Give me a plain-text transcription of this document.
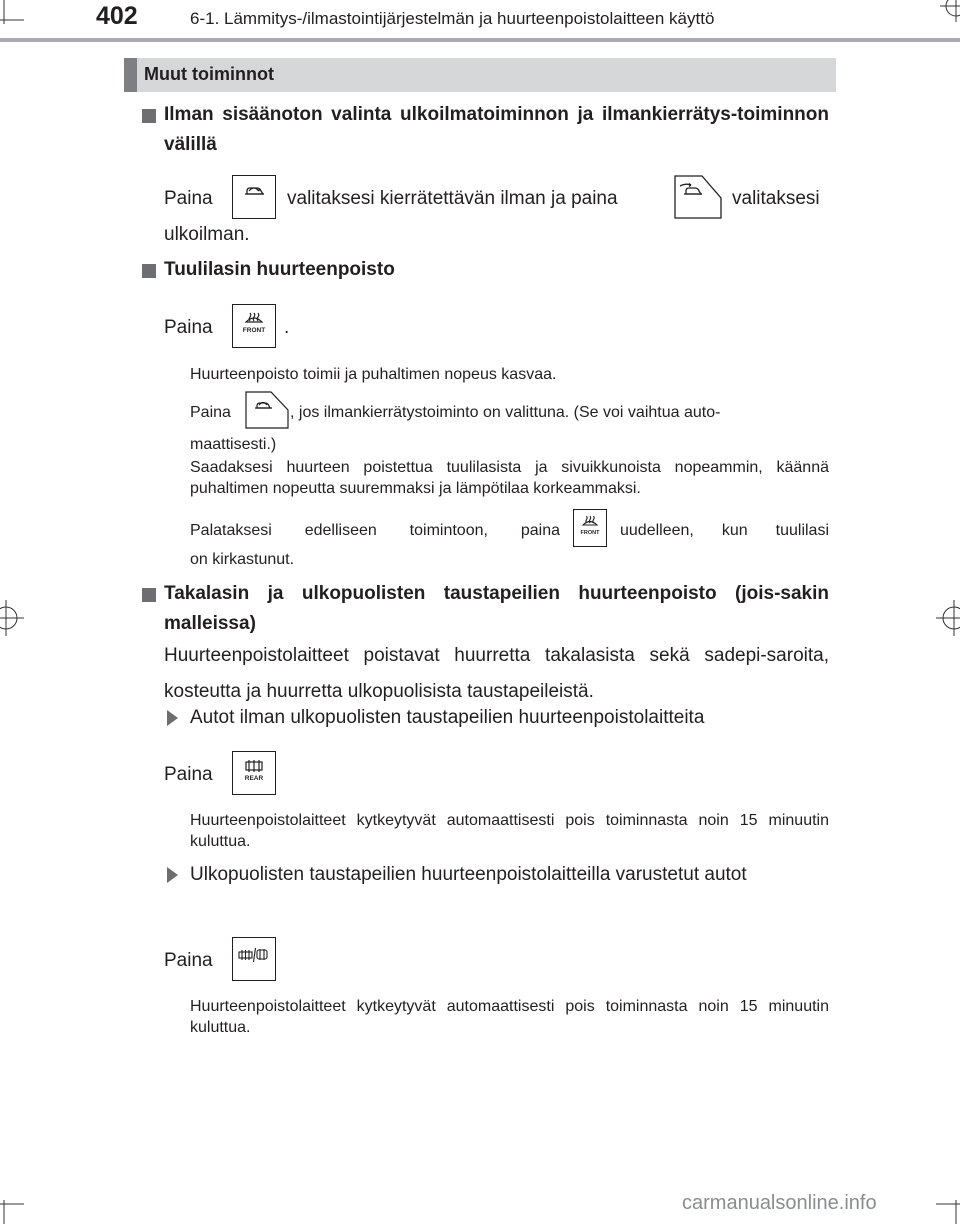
402	6-1. Lämmitys-/ilmastointijärjestelmän ja huurteenpoistolaitteen käyttö
Muut toiminnot
Ilman sisäänoton valinta ulkoilmatoiminnon ja ilmankierrätys-toiminnon välillä
Paina	valitaksesi kierrätettävän ilman ja paina	valitaksesi
ulkoilman.
Tuulilasin huurteenpoisto
Paina	FRONT .
Huurteenpoisto toimii ja puhaltimen nopeus kasvaa.
Paina	, jos ilmankierrätystoiminto on valittuna. (Se voi vaihtua auto-
maattisesti.)
Saadaksesi huurteen poistettua tuulilasista ja sivuikkunoista nopeammin, käännä puhaltimen nopeutta suuremmaksi ja lämpötilaa korkeammaksi.
Palataksesi edelliseen toimintoon, paina	FRONT uudelleen, kun tuulilasi
on kirkastunut.
Takalasin ja ulkopuolisten taustapeilien huurteenpoisto (jois-sakin malleissa)
Huurteenpoistolaitteet poistavat huurretta takalasista sekä sadepi-saroita, kosteutta ja huurretta ulkopuolisista taustapeileistä.
Autot ilman ulkopuolisten taustapeilien huurteenpoistolaitteita
Paina	REAR
Huurteenpoistolaitteet kytkeytyvät automaattisesti pois toiminnasta noin 15 minuutin kuluttua.
Ulkopuolisten taustapeilien huurteenpoistolaitteilla varustetut autot
Paina
Huurteenpoistolaitteet kytkeytyvät automaattisesti pois toiminnasta noin 15 minuutin kuluttua.
carmanualsonline.info
